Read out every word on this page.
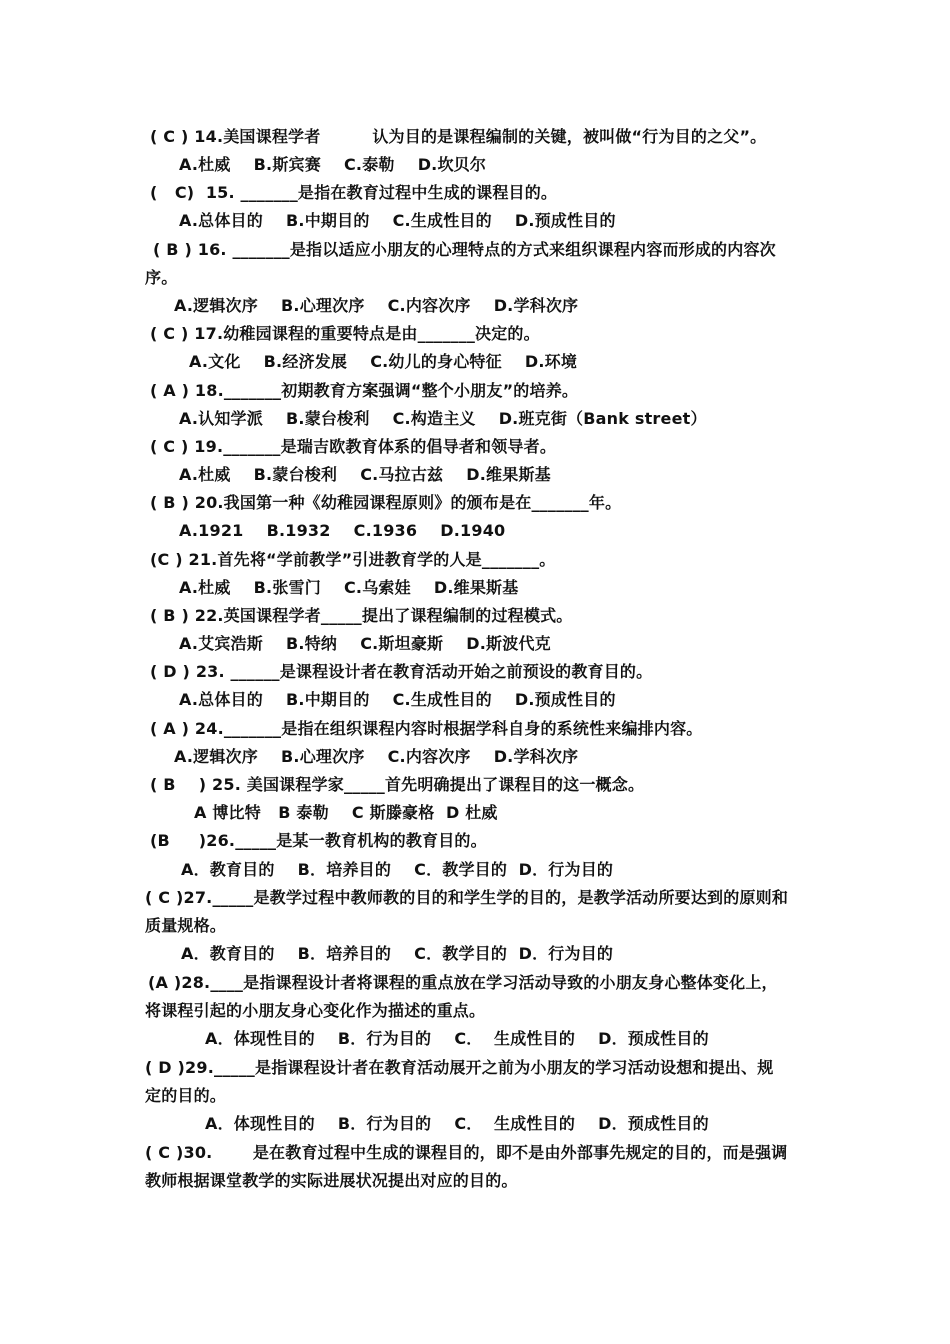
( C ) 14.美国课程学者         认为目的是课程编制的关键，被叫做“行为目的之父”。
A.杜威    B.斯宾赛    C.泰勒    D.坎贝尔
(   C)  15. _______是指在教育过程中生成的课程目的。
A.总体目的    B.中期目的    C.生成性目的    D.预成性目的
( B ) 16. _______是指以适应小朋友的心理特点的方式来组织课程内容而形成的内容次
序。
A.逻辑次序    B.心理次序    C.内容次序    D.学科次序
( C ) 17.幼稚园课程的重要特点是由_______决定的。
A.文化    B.经济发展    C.幼儿的身心特征    D.环境
( A ) 18._______初期教育方案强调“整个小朋友”的培养。
A.认知学派    B.蒙台梭利    C.构造主义    D.班克街（Bank street）
( C ) 19._______是瑞吉欧教育体系的倡导者和领导者。
A.杜威    B.蒙台梭利    C.马拉古兹    D.维果斯基
( B ) 20.我国第一种《幼稚园课程原则》的颁布是在_______年。
A.1921    B.1932    C.1936    D.1940
(C ) 21.首先将“学前教学”引进教育学的人是_______。
A.杜威    B.张雪门    C.乌索娃    D.维果斯基
( B ) 22.英国课程学者_____提出了课程编制的过程模式。
A.艾宾浩斯    B.特纳    C.斯坦豪斯    D.斯波代克
( D ) 23. ______是课程设计者在教育活动开始之前预设的教育目的。
A.总体目的    B.中期目的    C.生成性目的    D.预成性目的
( A ) 24._______是指在组织课程内容时根据学科自身的系统性来编排内容。
A.逻辑次序    B.心理次序    C.内容次序    D.学科次序
( B    ) 25. 美国课程学家_____首先明确提出了课程目的这一概念。
A 博比特   B 泰勒    C 斯滕豪格  D 杜威
(B     )26._____是某一教育机构的教育目的。
A．教育目的    B．培养目的    C．教学目的  D．行为目的
( C )27._____是教学过程中教师教的目的和学生学的目的，是教学活动所要达到的原则和
质量规格。
A．教育目的    B．培养目的    C．教学目的  D．行为目的
(A )28.____是指课程设计者将课程的重点放在学习活动导致的小朋友身心整体变化上，
将课程引起的小朋友身心变化作为描述的重点。
A．体现性目的    B．行为目的    C．  生成性目的    D．预成性目的
( D )29._____是指课程设计者在教育活动展开之前为小朋友的学习活动设想和提出、规
定的目的。
A．体现性目的    B．行为目的    C．  生成性目的    D．预成性目的
( C )30.       是在教育过程中生成的课程目的，即不是由外部事先规定的目的，而是强调
教师根据课堂教学的实际进展状况提出对应的目的。
